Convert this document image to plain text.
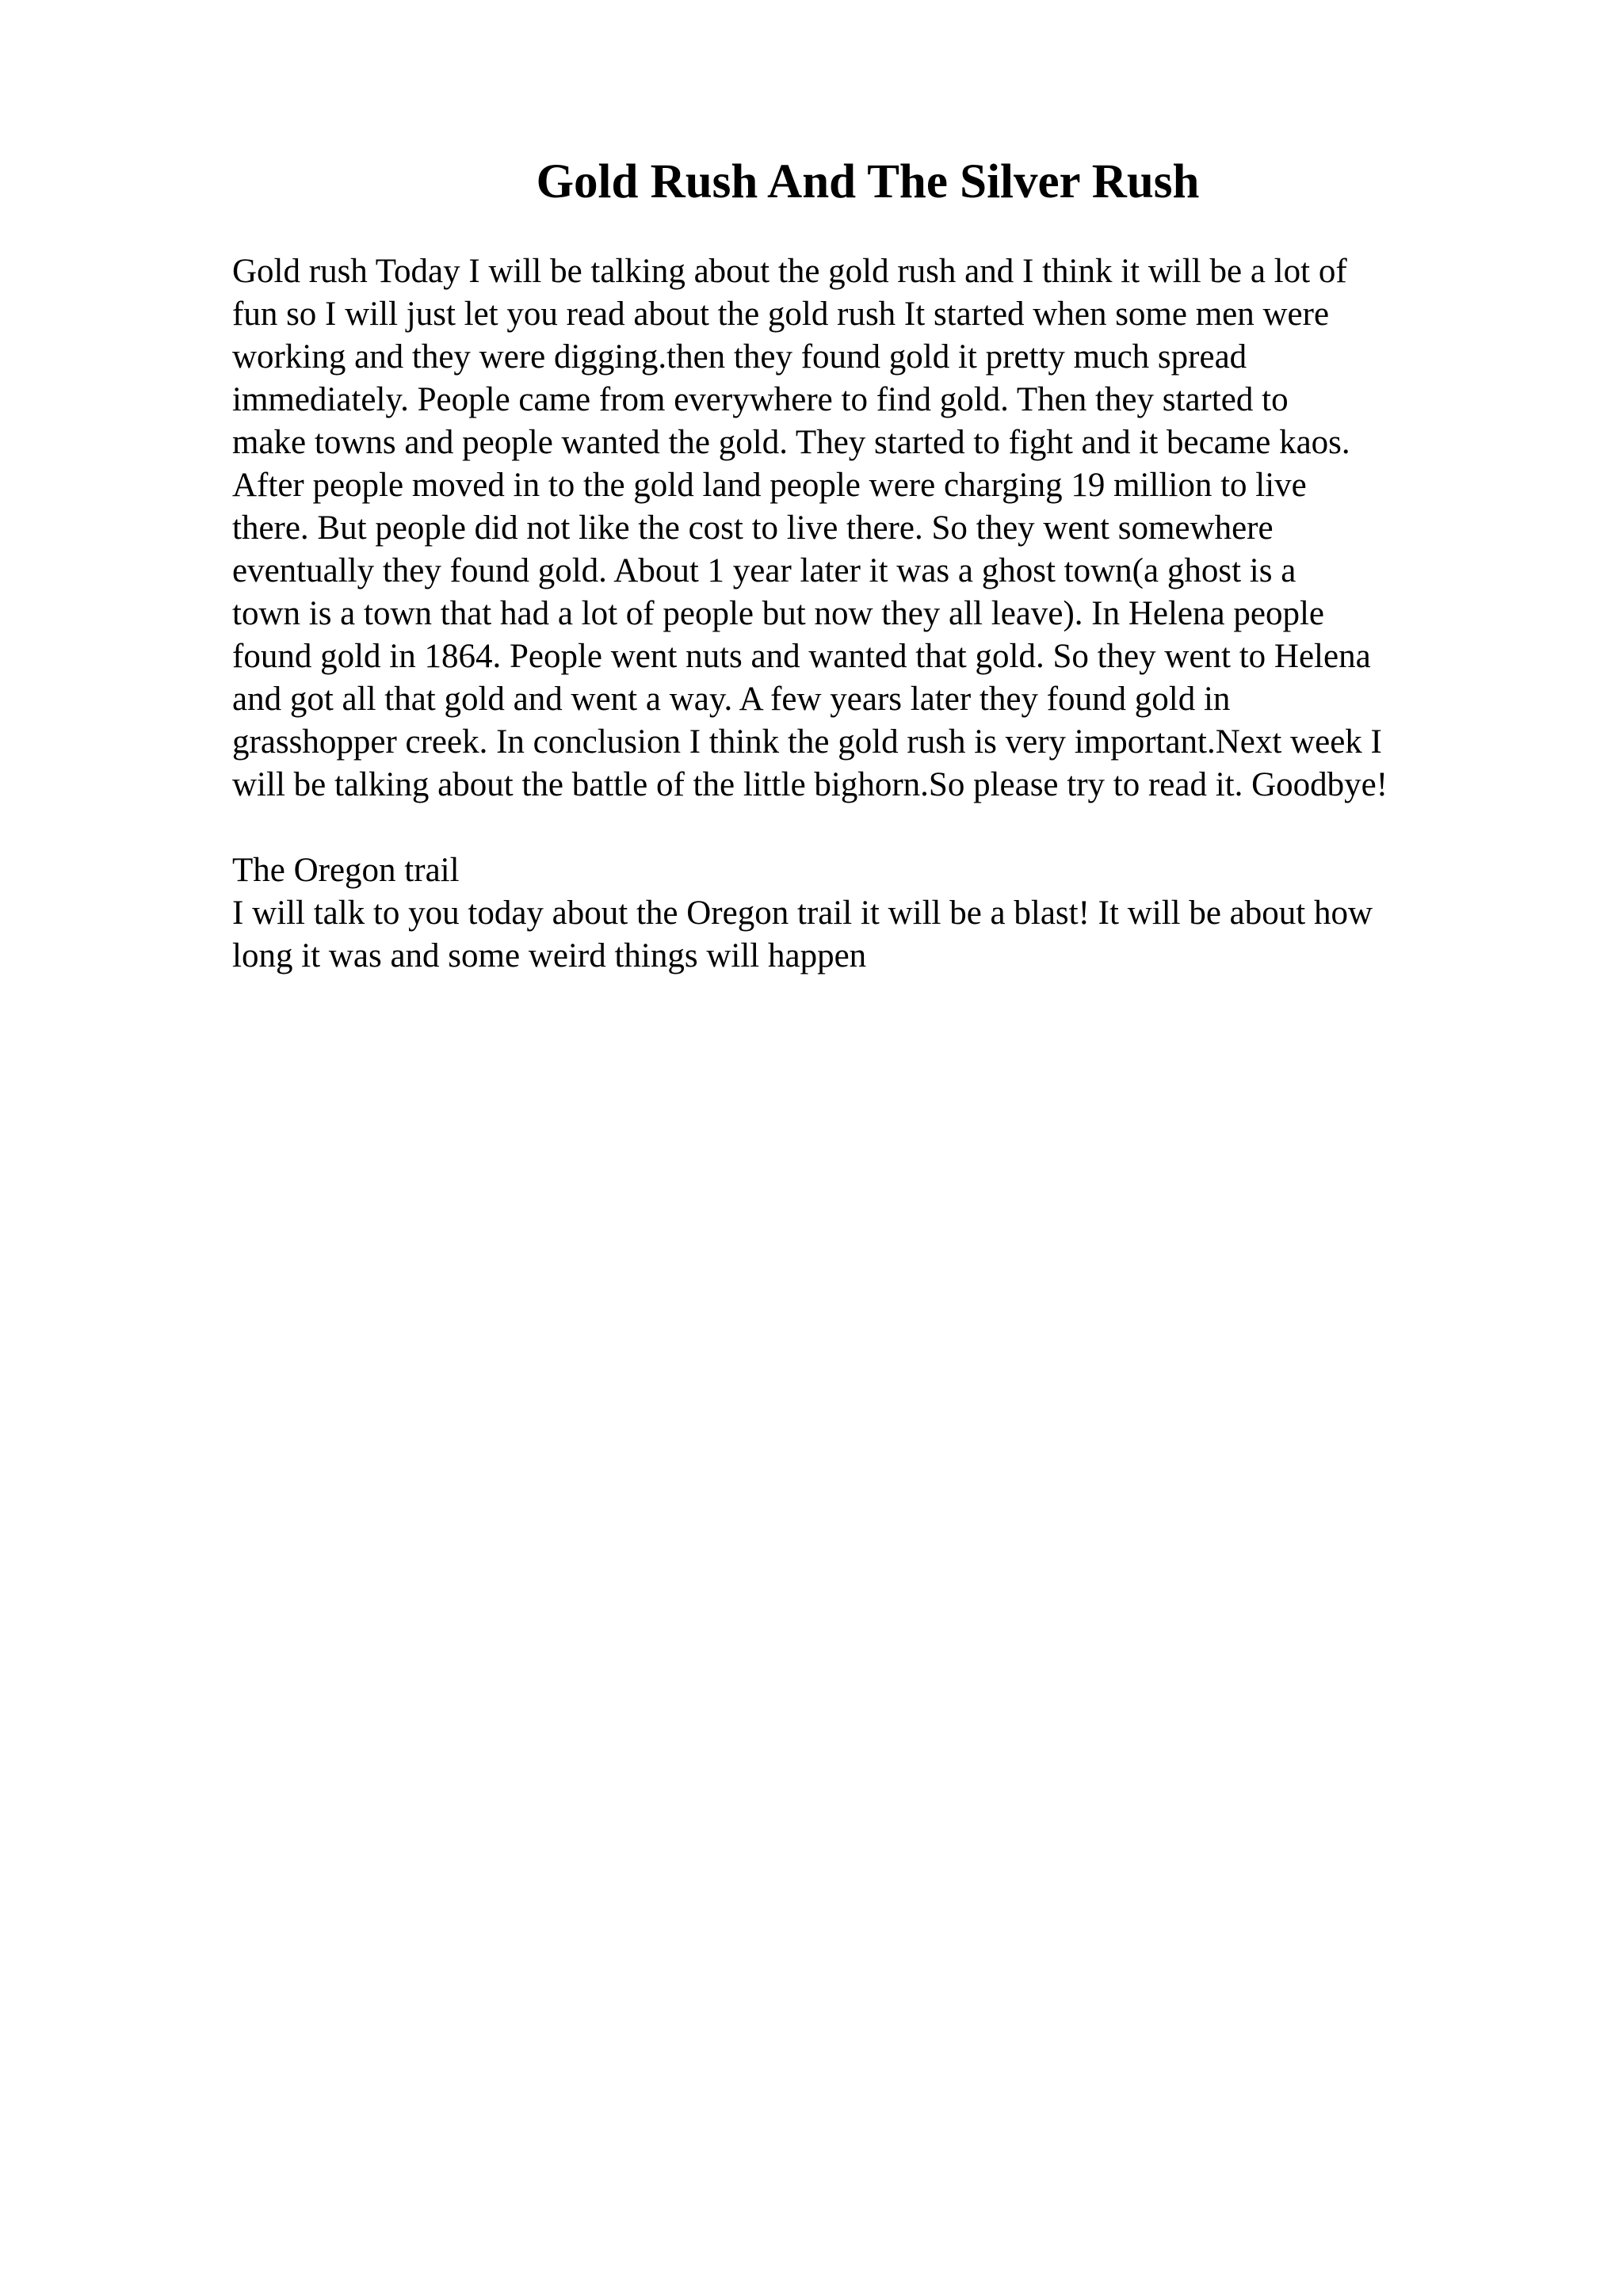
Gold Rush And The Silver Rush

Gold rush Today I will be talking about the gold rush and I think it will be a lot of

fun so I will just let you read about the gold rush It started when some men were

working and they were digging.then they found gold it pretty much spread

immediately. People came from everywhere to find gold. Then they started to

make towns and people wanted the gold. They started to fight and it became kaos.

After people moved in to the gold land people were charging 19 million to live

there. But people did not like the cost to live there. So they went somewhere

eventually they found gold. About 1 year later it was a ghost town(a ghost is a

town is a town that had a lot of people but now they all leave). In Helena people

found gold in 1864. People went nuts and wanted that gold. So they went to Helena

and got all that gold and went a way. A few years later they found gold in

grasshopper creek. In conclusion I think the gold rush is very important.Next week I

will be talking about the battle of the little bighorn.So please try to read it. Goodbye!

The Oregon trail

I will talk to you today about the Oregon trail it will be a blast! It will be about how

long it was and some weird things will happen
